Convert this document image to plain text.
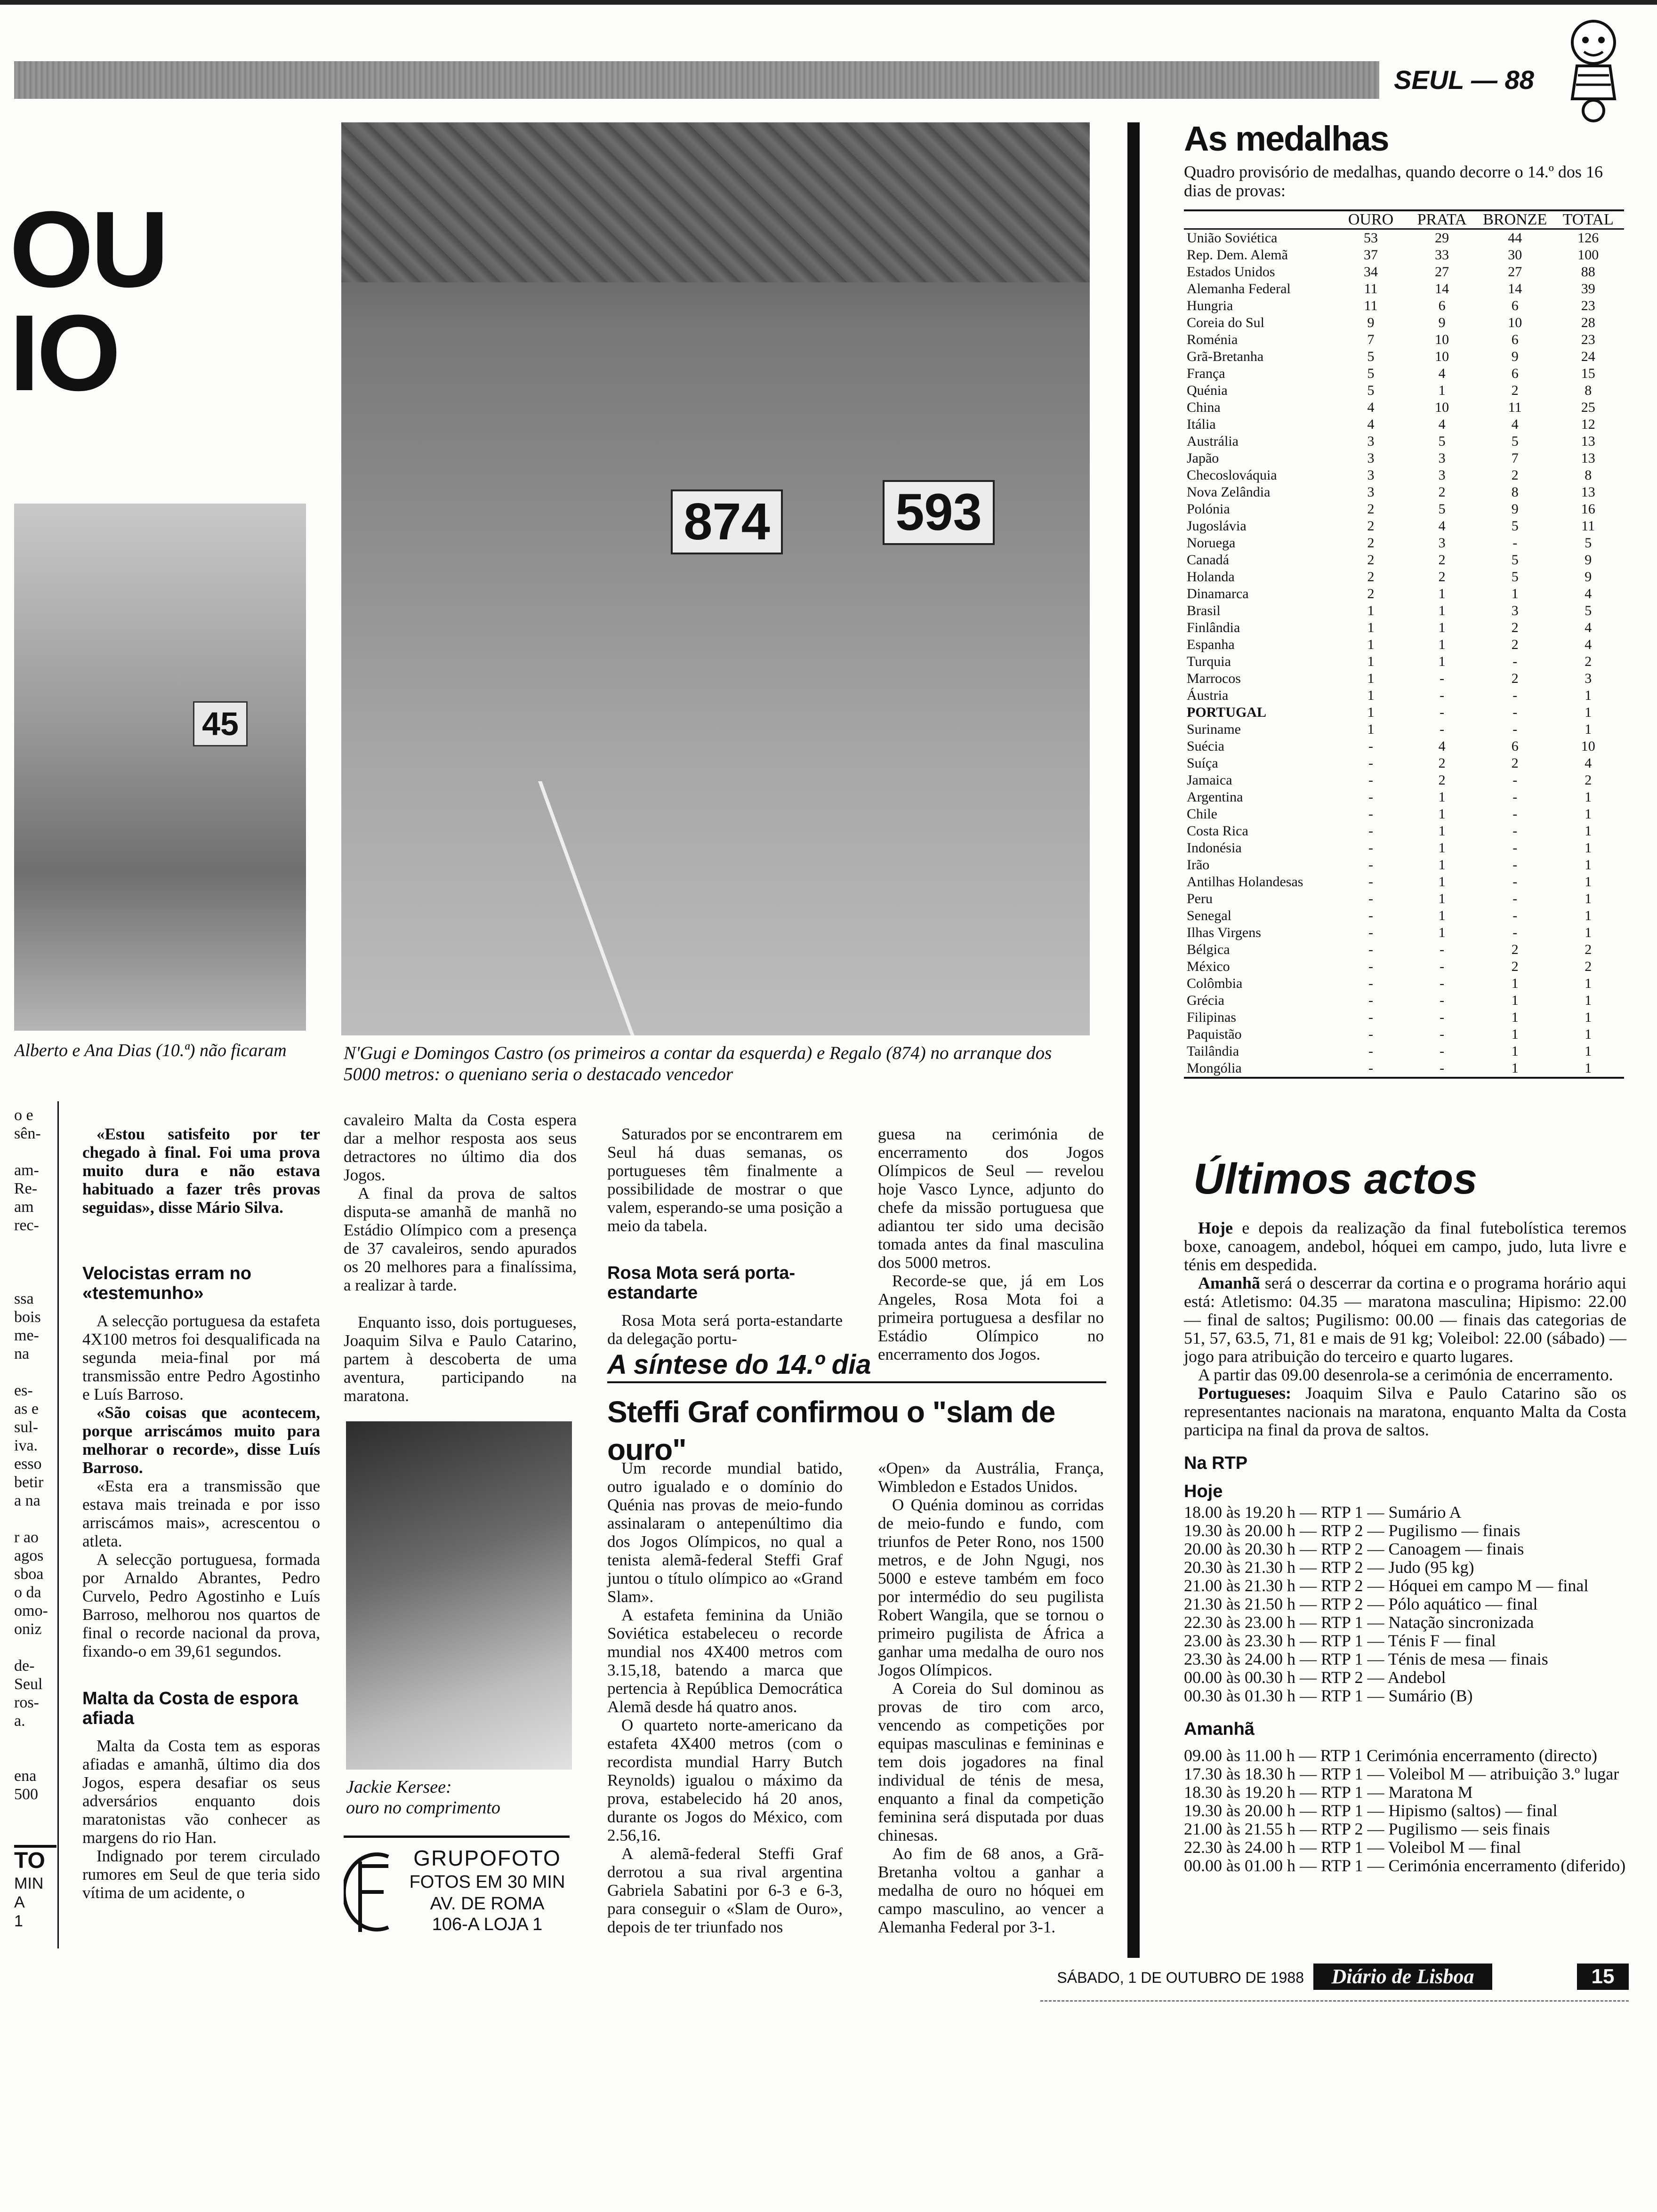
SEUL — 88
OU
IO
45
Alberto e Ana Dias (10.ª) não ficaram
o e
sên-
am-
Re-
am
rec-
ssa
bois
me-
na
es-
as e
sul-
iva.
esso
betir
a na
r ao
agos
sboa
o da
omo-
oniz
de-
Seul
ros-
a.
ena
500
TO
MIN
A
1
874 593
N'Gugi e Domingos Castro (os primeiros a contar da esquerda) e Regalo (874) no arranque dos 5000 metros: o queniano seria o destacado vencedor

«Estou satisfeito por ter chegado à final. Foi uma prova muito dura e não estava habituado a fazer três provas seguidas», disse Mário Silva.

Velocistas erram no «testemunho»

A selecção portuguesa da estafeta 4X100 metros foi desqualificada na segunda meia-final por má transmissão entre Pedro Agostinho e Luís Barroso.

«São coisas que acontecem, porque arriscámos muito para melhorar o recorde», disse Luís Barroso.

«Esta era a transmissão que estava mais treinada e por isso arriscámos mais», acrescentou o atleta.

A selecção portuguesa, formada por Arnaldo Abrantes, Pedro Curvelo, Pedro Agostinho e Luís Barroso, melhorou nos quartos de final o recorde nacional da prova, fixando-o em 39,61 segundos.

Malta da Costa de espora afiada

Malta da Costa tem as esporas afiadas e amanhã, último dia dos Jogos, espera desafiar os seus adversários enquanto dois maratonistas vão conhecer as margens do rio Han.

Indignado por terem circulado rumores em Seul de que teria sido vítima de um acidente, o

cavaleiro Malta da Costa espera dar a melhor resposta aos seus detractores no último dia dos Jogos.

A final da prova de saltos disputa-se amanhã de manhã no Estádio Olímpico com a presença de 37 cavaleiros, sendo apurados os 20 melhores para a finalíssima, a realizar à tarde.

Enquanto isso, dois portugueses, Joaquim Silva e Paulo Catarino, partem à descoberta de uma aventura, participando na maratona.

Jackie Kersee:
ouro no comprimento
GRUPOFOTO
FOTOS EM 30 MIN
AV. DE ROMA
106-A LOJA 1

Saturados por se encontrarem em Seul há duas semanas, os portugueses têm finalmente a possibilidade de mostrar o que valem, esperando-se uma posição a meio da tabela.

Rosa Mota será porta-estandarte

Rosa Mota será porta-estandarte da delegação portu-

guesa na cerimónia de encerramento dos Jogos Olímpicos de Seul — revelou hoje Vasco Lynce, adjunto do chefe da missão portuguesa que adiantou ter sido uma decisão tomada antes da final masculina dos 5000 metros.

Recorde-se que, já em Los Angeles, Rosa Mota foi a primeira portuguesa a desfilar no Estádio Olímpico no encerramento dos Jogos.

A síntese do 14.º dia
Steffi Graf confirmou o "slam de ouro"

Um recorde mundial batido, outro igualado e o domínio do Quénia nas provas de meio-fundo assinalaram o antepenúltimo dia dos Jogos Olímpicos, no qual a tenista alemã-federal Steffi Graf juntou o título olímpico ao «Grand Slam».

A estafeta feminina da União Soviética estabeleceu o recorde mundial nos 4X400 metros com 3.15,18, batendo a marca que pertencia à República Democrática Alemã desde há quatro anos.

O quarteto norte-americano da estafeta 4X400 metros (com o recordista mundial Harry Butch Reynolds) igualou o máximo da prova, estabelecido há 20 anos, durante os Jogos do México, com 2.56,16.

A alemã-federal Steffi Graf derrotou a sua rival argentina Gabriela Sabatini por 6-3 e 6-3, para conseguir o «Slam de Ouro», depois de ter triunfado nos

«Open» da Austrália, França, Wimbledon e Estados Unidos.

O Quénia dominou as corridas de meio-fundo e fundo, com triunfos de Peter Rono, nos 1500 metros, e de John Ngugi, nos 5000 e esteve também em foco por intermédio do seu pugilista Robert Wangila, que se tornou o primeiro pugilista de África a ganhar uma medalha de ouro nos Jogos Olímpicos.

A Coreia do Sul dominou as provas de tiro com arco, vencendo as competições por equipas masculinas e femininas e tem dois jogadores na final individual de ténis de mesa, enquanto a final da competição feminina será disputada por duas chinesas.

Ao fim de 68 anos, a Grã-Bretanha voltou a ganhar a medalha de ouro no hóquei em campo masculino, ao vencer a Alemanha Federal por 3-1.

As medalhas
Quadro provisório de medalhas, quando decorre o 14.º dos 16 dias de provas:
	OURO	PRATA	BRONZE	TOTAL
União Soviética	53	29	44	126
Rep. Dem. Alemã	37	33	30	100
Estados Unidos	34	27	27	88
Alemanha Federal	11	14	14	39
Hungria	11	6	6	23
Coreia do Sul	9	9	10	28
Roménia	7	10	6	23
Grã-Bretanha	5	10	9	24
França	5	4	6	15
Quénia	5	1	2	8
China	4	10	11	25
Itália	4	4	4	12
Austrália	3	5	5	13
Japão	3	3	7	13
Checoslováquia	3	3	2	8
Nova Zelândia	3	2	8	13
Polónia	2	5	9	16
Jugoslávia	2	4	5	11
Noruega	2	3	-	5
Canadá	2	2	5	9
Holanda	2	2	5	9
Dinamarca	2	1	1	4
Brasil	1	1	3	5
Finlândia	1	1	2	4
Espanha	1	1	2	4
Turquia	1	1	-	2
Marrocos	1	-	2	3
Áustria	1	-	-	1
PORTUGAL	1	-	-	1
Suriname	1	-	-	1
Suécia	-	4	6	10
Suíça	-	2	2	4
Jamaica	-	2	-	2
Argentina	-	1	-	1
Chile	-	1	-	1
Costa Rica	-	1	-	1
Indonésia	-	1	-	1
Irão	-	1	-	1
Antilhas Holandesas	-	1	-	1
Peru	-	1	-	1
Senegal	-	1	-	1
Ilhas Virgens	-	1	-	1
Bélgica	-	-	2	2
México	-	-	2	2
Colômbia	-	-	1	1
Grécia	-	-	1	1
Filipinas	-	-	1	1
Paquistão	-	-	1	1
Tailândia	-	-	1	1
Mongólia	-	-	1	1
Últimos actos

Hoje e depois da realização da final futebolística teremos boxe, canoagem, andebol, hóquei em campo, judo, luta livre e ténis em despedida.

Amanhã será o descerrar da cortina e o programa horário aqui está: Atletismo: 04.35 — maratona masculina; Hipismo: 22.00 — final de saltos; Pugilismo: 00.00 — finais das categorias de 51, 57, 63.5, 71, 81 e mais de 91 kg; Voleibol: 22.00 (sábado) — jogo para atribuição do terceiro e quarto lugares.

A partir das 09.00 desenrola-se a cerimónia de encerramento.

Portugueses: Joaquim Silva e Paulo Catarino são os representantes nacionais na maratona, enquanto Malta da Costa participa na final da prova de saltos.

Na RTP
Hoje
18.00 às 19.20 h — RTP 1 — Sumário A
19.30 às 20.00 h — RTP 2 — Pugilismo — finais
20.00 às 20.30 h — RTP 2 — Canoagem — finais
20.30 às 21.30 h — RTP 2 — Judo (95 kg)
21.00 às 21.30 h — RTP 2 — Hóquei em campo M — final
21.30 às 21.50 h — RTP 2 — Pólo aquático — final
22.30 às 23.00 h — RTP 1 — Natação sincronizada
23.00 às 23.30 h — RTP 1 — Ténis F — final
23.30 às 24.00 h — RTP 1 — Ténis de mesa — finais
00.00 às 00.30 h — RTP 2 — Andebol
00.30 às 01.30 h — RTP 1 — Sumário (B)
Amanhã
09.00 às 11.00 h — RTP 1 Cerimónia encerramento (directo)
17.30 às 18.30 h — RTP 1 — Voleibol M — atribuição 3.º lugar
18.30 às 19.20 h — RTP 1 — Maratona M
19.30 às 20.00 h — RTP 1 — Hipismo (saltos) — final
21.00 às 21.55 h — RTP 2 — Pugilismo — seis finais
22.30 às 24.00 h — RTP 1 — Voleibol M — final
00.00 às 01.00 h — RTP 1 — Cerimónia encerramento (diferido)
SÁBADO, 1 DE OUTUBRO DE 1988	Diário de Lisboa	15
